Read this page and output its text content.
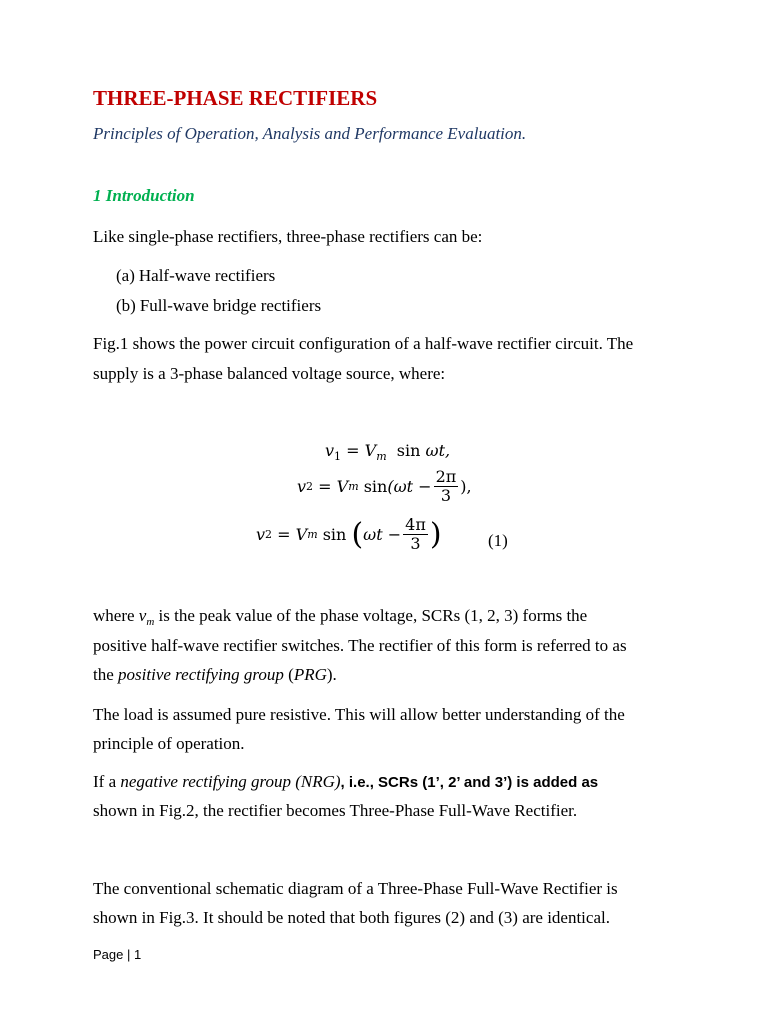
THREE-PHASE RECTIFIERS
Principles of Operation, Analysis and Performance Evaluation.
1 Introduction
Like single-phase rectifiers, three-phase rectifiers can be:
(a) Half-wave rectifiers
(b) Full-wave bridge rectifiers
Fig.1 shows the power circuit configuration of a half-wave rectifier circuit. The
supply is a 3-phase balanced voltage source, where:
$v_1 = V_m$ sin ωt,
v 2 = V m
$\sin (\omega t - \frac{2\pi}{3}$ ),
v 2 = V m
sin
( $\omega t - \frac{4\pi}{3}$ )	(1)
where $v_m$ is the peak value of the phase voltage, SCRs (1, 2, 3) forms the
positive half-wave rectifier switches. The rectifier of this form is referred to as
the positive rectifying group (PRG).
The load is assumed pure resistive. This will allow better understanding of the
principle of operation.
If a negative rectifying group (NRG), i.e., SCRs (1’, 2’ and 3’) is added as
shown in Fig.2, the rectifier becomes Three-Phase Full-Wave Rectifier.
The conventional schematic diagram of a Three-Phase Full-Wave Rectifier is
shown in Fig.3. It should be noted that both figures (2) and (3) are identical.
Page | 1
